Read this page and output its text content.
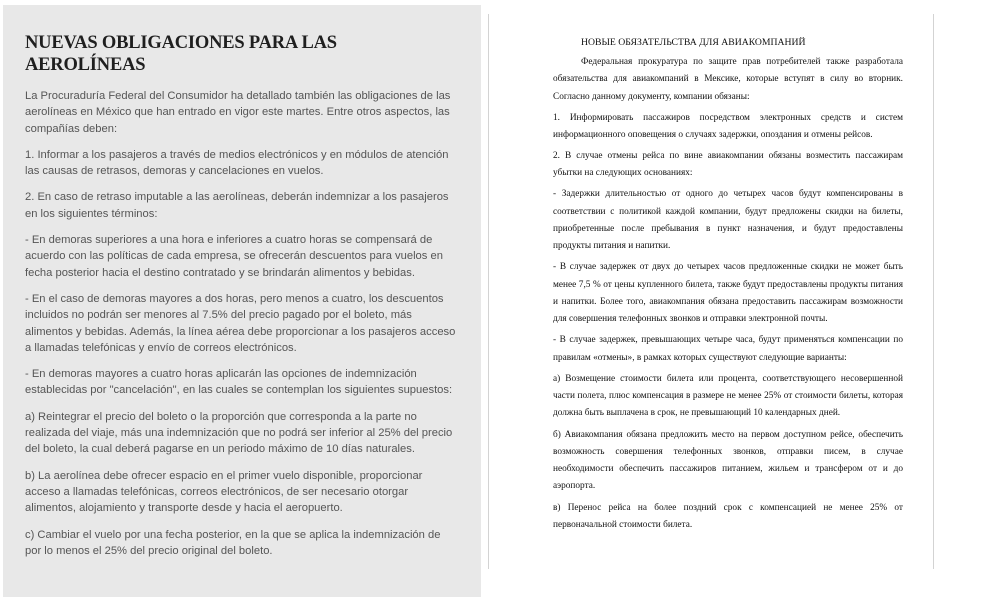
NUEVAS OBLIGACIONES PARA LAS AEROLÍNEAS

La Procuraduría Federal del Consumidor ha detallado también las obligaciones de las aerolíneas en México que han entrado en vigor este martes. Entre otros aspectos, las compañías deben:

1. Informar a los pasajeros a través de medios electrónicos y en módulos de atención las causas de retrasos, demoras y cancelaciones en vuelos.

2. En caso de retraso imputable a las aerolíneas, deberán indemnizar a los pasajeros en los siguientes términos:

- En demoras superiores a una hora e inferiores a cuatro horas se compensará de acuerdo con las políticas de cada empresa, se ofrecerán descuentos para vuelos en fecha posterior hacia el destino contratado y se brindarán alimentos y bebidas.

- En el caso de demoras mayores a dos horas, pero menos a cuatro, los descuentos incluidos no podrán ser menores al 7.5% del precio pagado por el boleto, más alimentos y bebidas. Además, la línea aérea debe proporcionar a los pasajeros acceso a llamadas telefónicas y envío de correos electrónicos.

- En demoras mayores a cuatro horas aplicarán las opciones de indemnización establecidas por "cancelación", en las cuales se contemplan los siguientes supuestos:

a) Reintegrar el precio del boleto o la proporción que corresponda a la parte no realizada del viaje, más una indemnización que no podrá ser inferior al 25% del precio del boleto, la cual deberá pagarse en un periodo máximo de 10 días naturales.

b) La aerolínea debe ofrecer espacio en el primer vuelo disponible, proporcionar acceso a llamadas telefónicas, correos electrónicos, de ser necesario otorgar alimentos, alojamiento y transporte desde y hacia el aeropuerto.

c) Cambiar el vuelo por una fecha posterior, en la que se aplica la indemnización de por lo menos el 25% del precio original del boleto.

НОВЫЕ ОБЯЗАТЕЛЬСТВА ДЛЯ АВИАКОМПАНИЙ

Федеральная прокуратура по защите прав потребителей также разработала обязательства для авиакомпаний в Мексике, которые вступят в силу во вторник. Согласно данному документу, компании обязаны:

1. Информировать пассажиров посредством электронных средств и систем информационного оповещения о случаях задержки, опоздания и отмены рейсов.

2. В случае отмены рейса по вине авиакомпании обязаны возместить пассажирам убытки на следующих основаниях:

- Задержки длительностью от одного до четырех часов будут компенсированы в соответствии с политикой каждой компании, будут предложены скидки на билеты, приобретенные после пребывания в пункт назначения, и будут предоставлены продукты питания и напитки.

- В случае задержек от двух до четырех часов предложенные скидки не может быть менее 7,5 % от цены купленного билета, также будут предоставлены продукты питания и напитки. Более того, авиакомпания обязана предоставить пассажирам возможности для совершения телефонных звонков и отправки электронной почты.

- В случае задержек, превышающих четыре часа, будут применяться компенсации по правилам «отмены», в рамках которых существуют следующие варианты:

а) Возмещение стоимости билета или процента, соответствующего несовершенной части полета, плюс компенсация в размере не менее 25% от стоимости билеты, которая должна быть выплачена в срок, не превышающий 10 календарных дней.

б) Авиакомпания обязана предложить место на первом доступном рейсе, обеспечить возможность совершения телефонных звонков, отправки писем, в случае необходимости обеспечить пассажиров питанием, жильем и трансфером от и до аэропорта.

в) Перенос рейса на более поздний срок с компенсацией не менее 25% от первоначальной стоимости билета.
